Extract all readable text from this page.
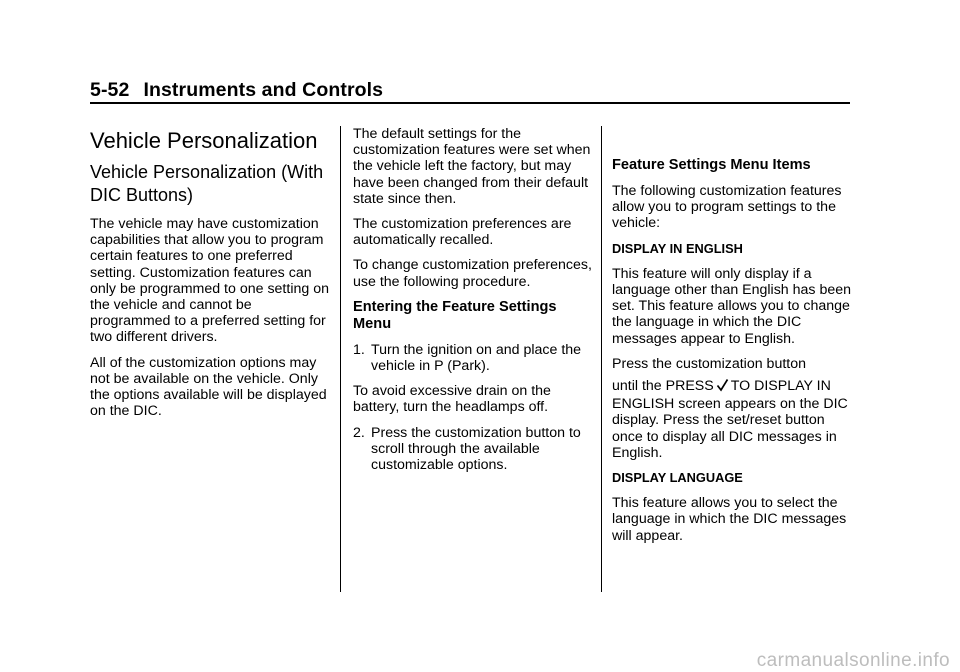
5-52 Instruments and Controls
Vehicle Personalization
Vehicle Personalization (With DIC Buttons)

The vehicle may have customization capabilities that allow you to program certain features to one preferred setting. Customization features can only be programmed to one setting on the vehicle and cannot be programmed to a preferred setting for two different drivers.

All of the customization options may not be available on the vehicle. Only the options available will be displayed on the DIC.

The default settings for the customization features were set when the vehicle left the factory, but may have been changed from their default state since then.

The customization preferences are automatically recalled.

To change customization preferences, use the following procedure.

Entering the Feature Settings Menu
1. Turn the ignition on and place the vehicle in P (Park).

To avoid excessive drain on the battery, turn the headlamps off.

2. Press the customization button to scroll through the available customizable options.
Feature Settings Menu Items

The following customization features allow you to program settings to the vehicle:

DISPLAY IN ENGLISH

This feature will only display if a language other than English has been set. This feature allows you to change the language in which the DIC messages appear to English.

Press the customization button

until the PRESS TO DISPLAY IN ENGLISH screen appears on the DIC display. Press the set/reset button once to display all DIC messages in English.

DISPLAY LANGUAGE

This feature allows you to select the language in which the DIC messages will appear.

carmanualsonline.info
